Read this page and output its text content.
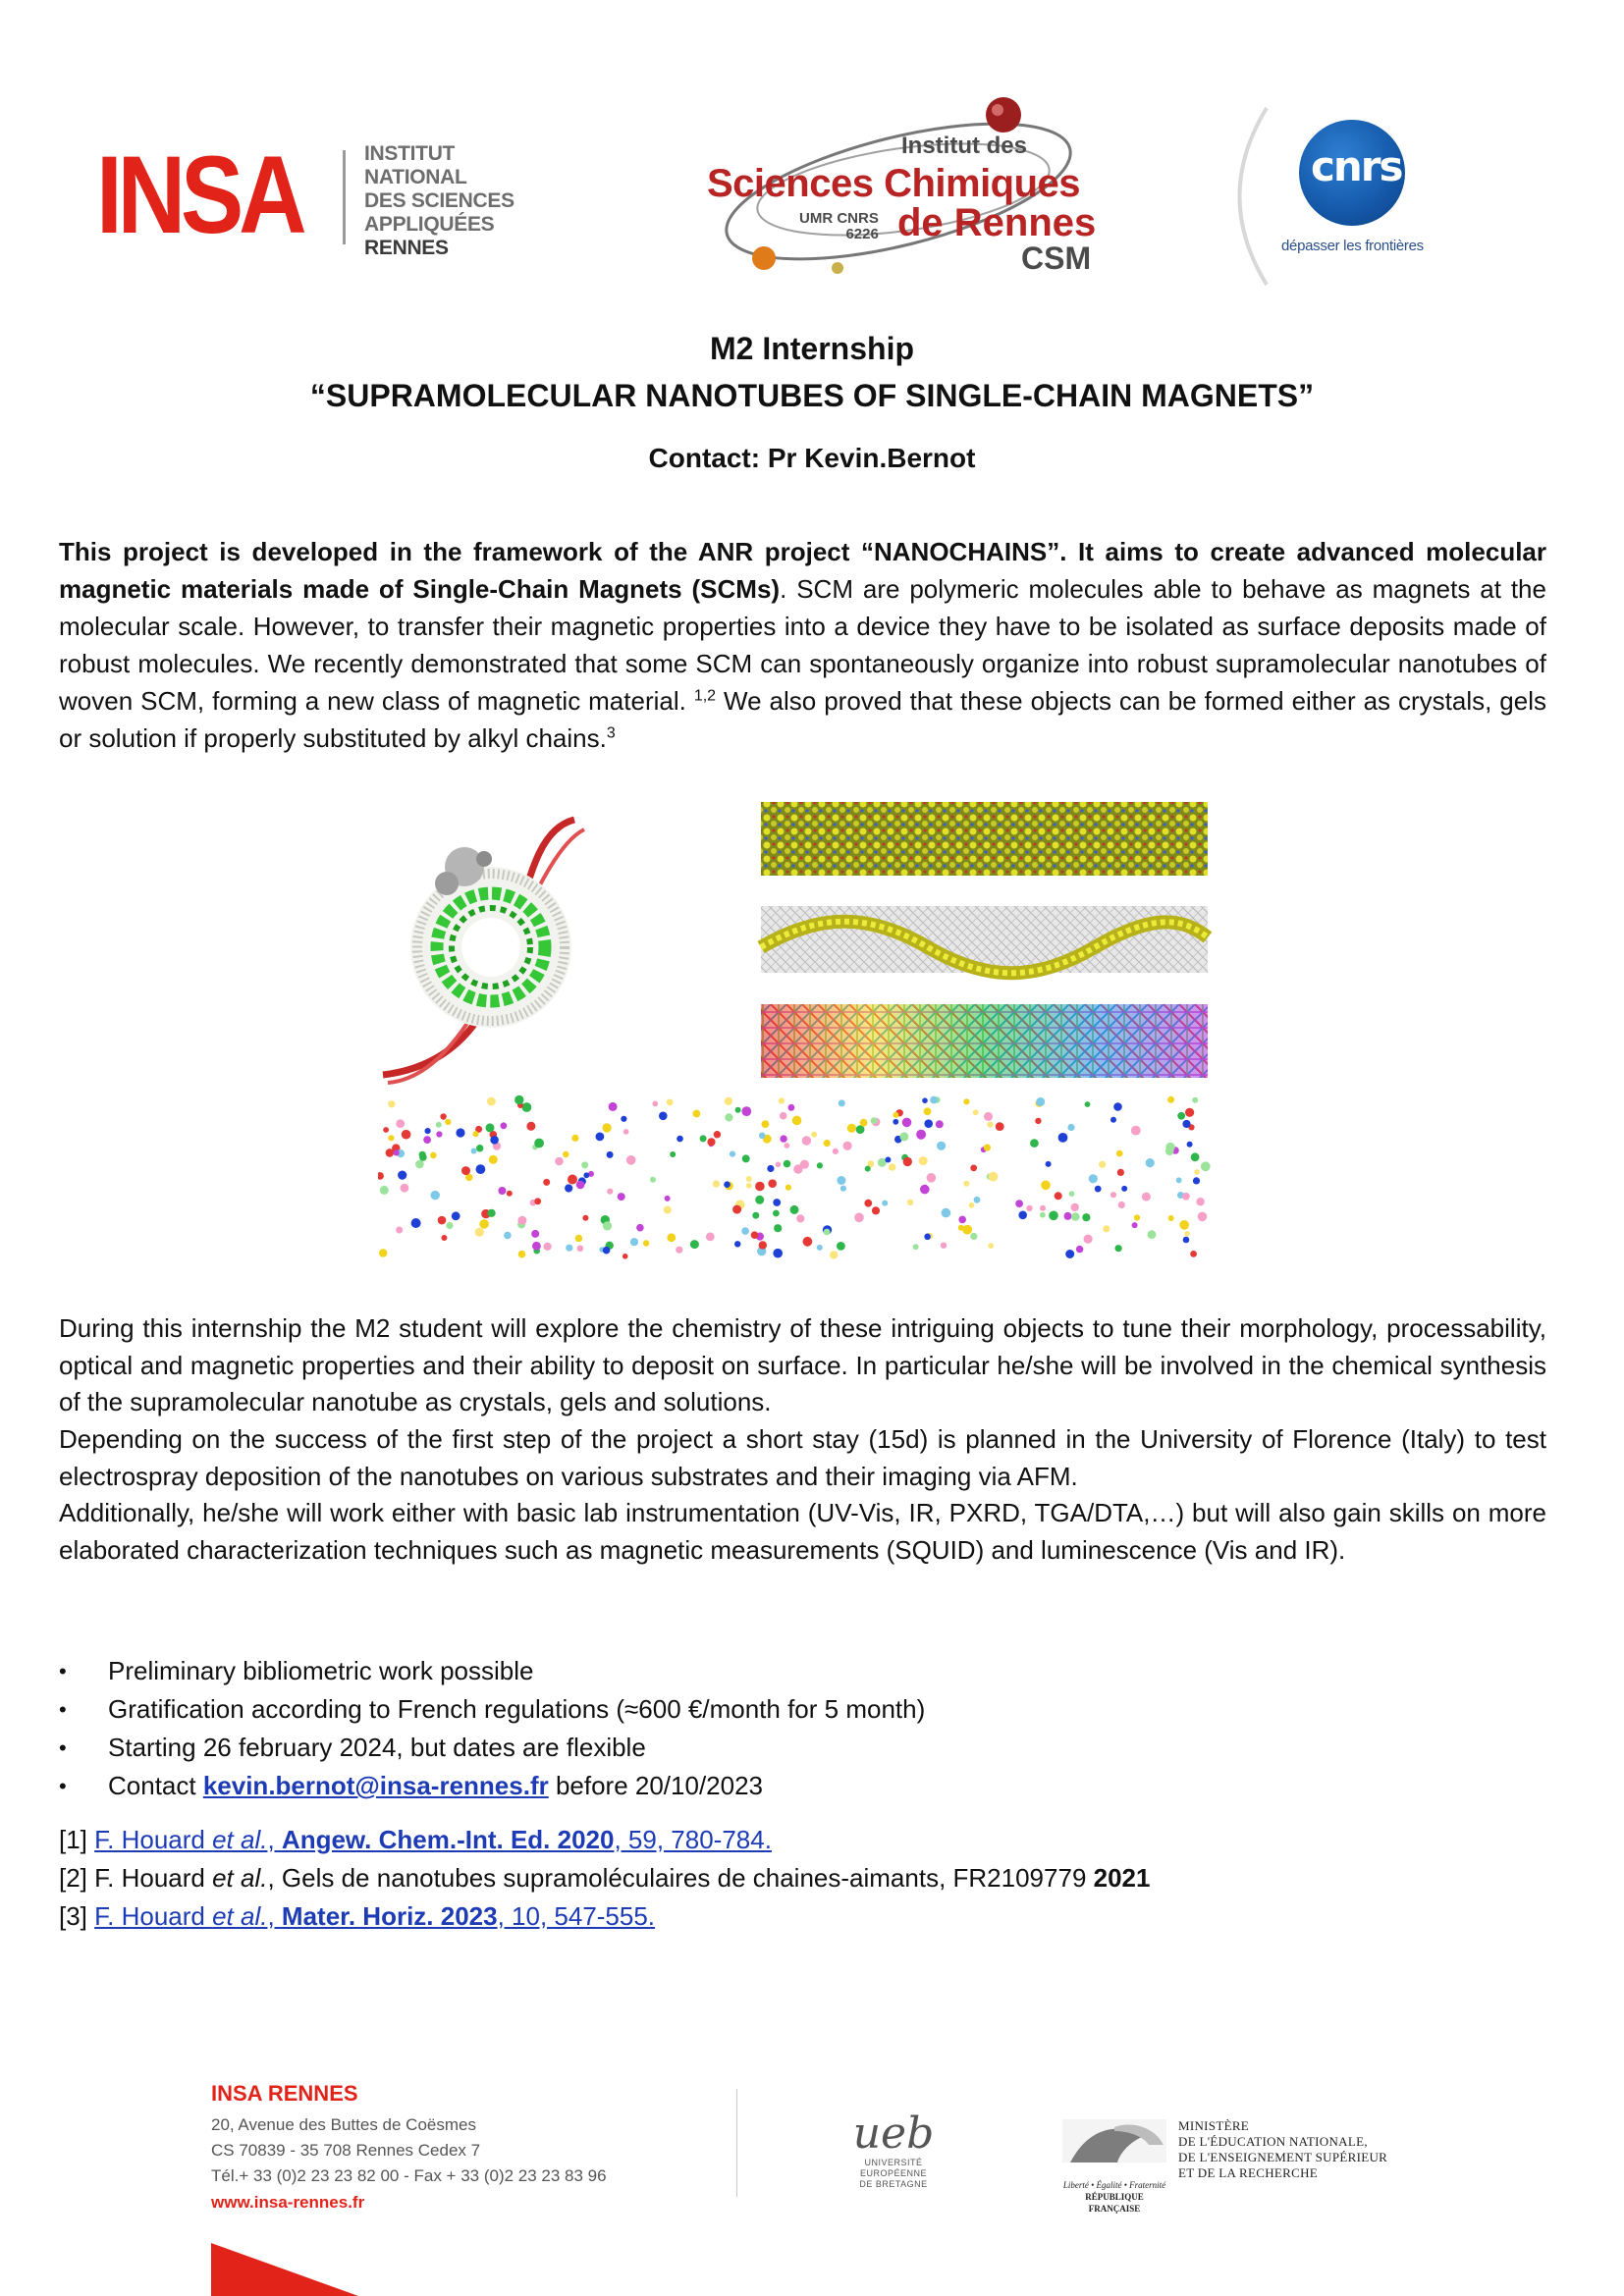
INSA	INSTITUT NATIONAL
DES SCIENCES
APPLIQUÉES
RENNES
Institut des
Sciences Chimiques
UMR CNRS
6226 de Rennes
CSM
cnrs
dépasser les frontières
M2 Internship
“SUPRAMOLECULAR NANOTUBES OF SINGLE-CHAIN MAGNETS”
Contact: Pr Kevin.Bernot
This project is developed in the framework of the ANR project “NANOCHAINS”. It aims to create advanced molecular magnetic materials made of Single-Chain Magnets (SCMs). SCM are polymeric molecules able to behave as magnets at the molecular scale. However, to transfer their magnetic properties into a device they have to be isolated as surface deposits made of robust molecules. We recently demonstrated that some SCM can spontaneously organize into robust supramolecular nanotubes of woven SCM, forming a new class of magnetic material. $^{1,2}$ We also proved that these objects can be formed either as crystals, gels or solution if properly substituted by alkyl chains.$^3$
During this internship the M2 student will explore the chemistry of these intriguing objects to tune their morphology, processability, optical and magnetic properties and their ability to deposit on surface. In particular he/she will be involved in the chemical synthesis of the supramolecular nanotube as crystals, gels and solutions.
Depending on the success of the first step of the project a short stay (15d) is planned in the University of Florence (Italy) to test electrospray deposition of the nanotubes on various substrates and their imaging via AFM.
Additionally, he/she will work either with basic lab instrumentation (UV-Vis, IR, PXRD, TGA/DTA,…) but will also gain skills on more elaborated characterization techniques such as magnetic measurements (SQUID) and luminescence (Vis and IR).
• Preliminary bibliometric work possible
• Gratification according to French regulations (≈600 €/month for 5 month)
• Starting 26 february 2024, but dates are flexible
• Contact kevin.bernot@insa-rennes.fr before 20/10/2023
[1] F. Houard et al., Angew. Chem.-Int. Ed. 2020, 59, 780-784.
[2] F. Houard et al., Gels de nanotubes supramoléculaires de chaines-aimants, FR2109779 2021
[3] F. Houard et al., Mater. Horiz. 2023, 10, 547-555.
INSA RENNES
20, Avenue des Buttes de Coësmes
CS 70839 - 35 708 Rennes Cedex 7
Tél.+ 33 (0)2 23 23 82 00 - Fax + 33 (0)2 23 23 83 96
www.insa-rennes.fr
ueb
UNIVERSITÉ
EUROPÉENNE
DE BRETAGNE	Liberté • Égalité • Fraternité
RÉPUBLIQUE FRANÇAISE
MINISTÈRE
DE L'ÉDUCATION NATIONALE,
DE L'ENSEIGNEMENT SUPÉRIEUR
ET DE LA RECHERCHE
